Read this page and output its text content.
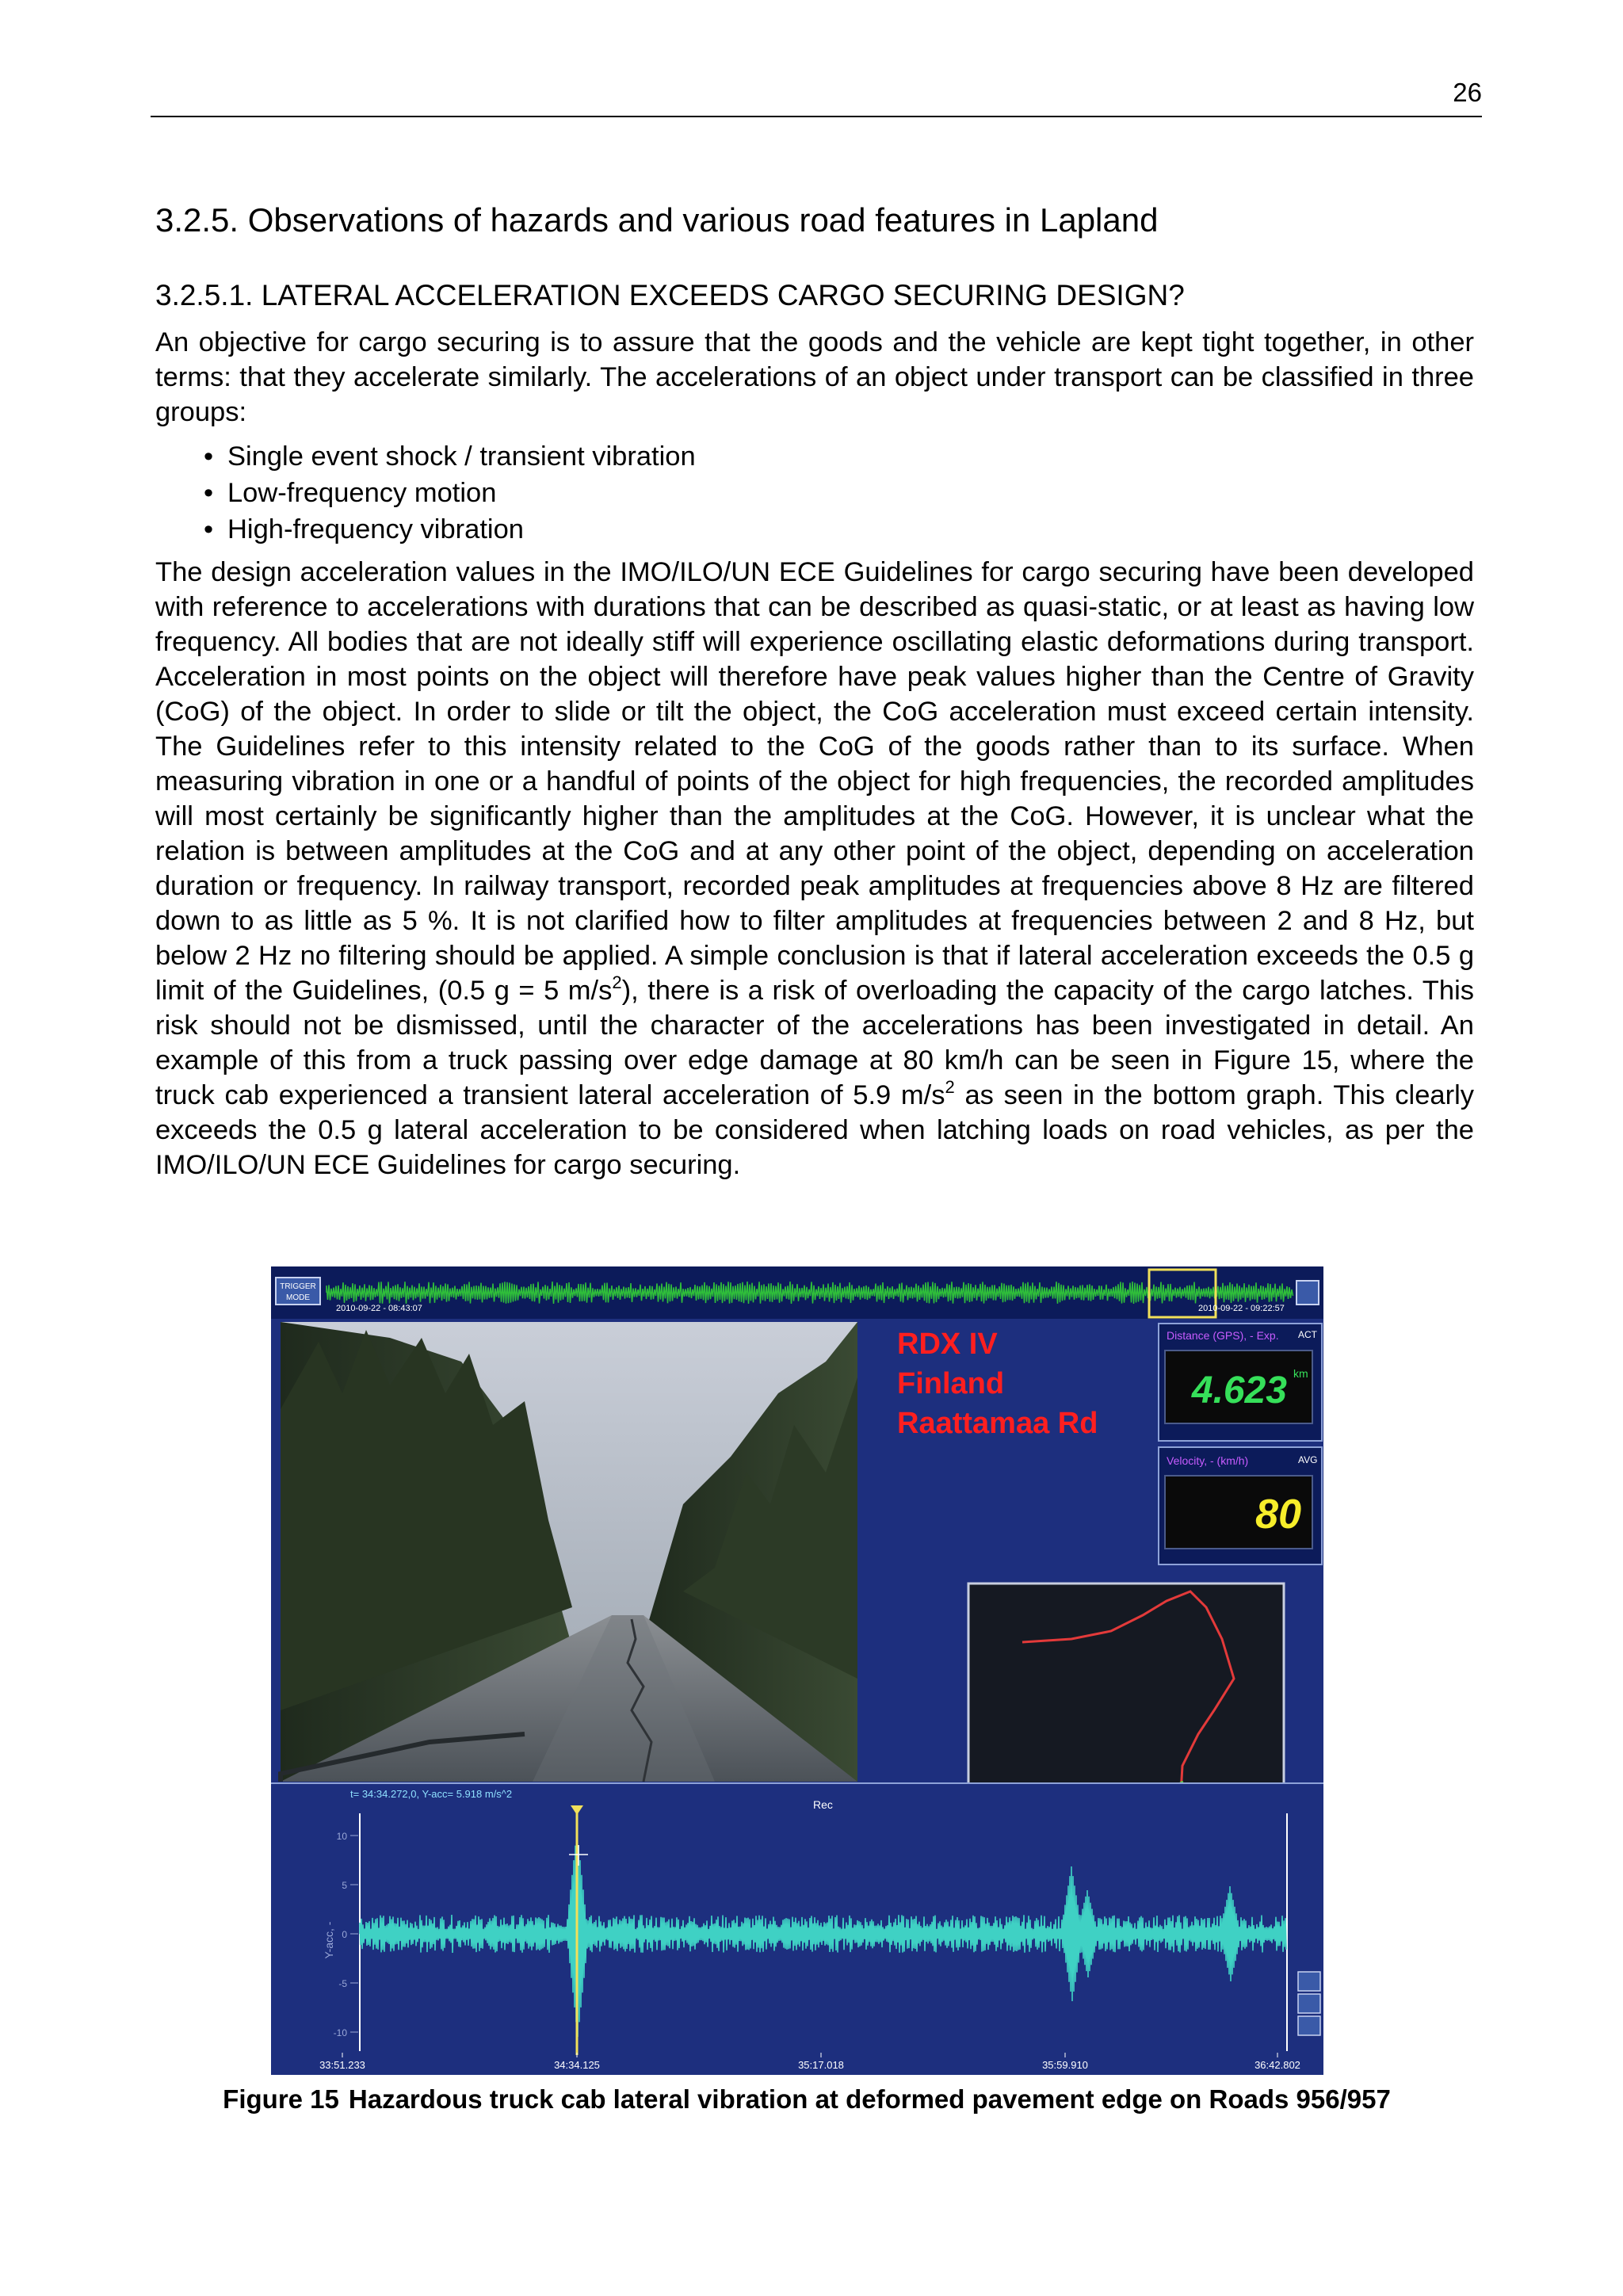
26
3.2.5. Observations of hazards and various road features in Lapland
3.2.5.1. LATERAL ACCELERATION EXCEEDS CARGO SECURING DESIGN?

An objective for cargo securing is to assure that the goods and the vehicle are kept tight together, in other terms: that they accelerate similarly. The accelerations of an object under transport can be classified in three groups:

• Single event shock / transient vibration
• Low-frequency motion
• High-frequency vibration

The design acceleration values in the IMO/ILO/UN ECE Guidelines for cargo securing have been developed with reference to accelerations with durations that can be described as quasi-static, or at least as having low frequency. All bodies that are not ideally stiff will experience oscillating elastic deformations during transport. Acceleration in most points on the object will therefore have peak values higher than the Centre of Gravity (CoG) of the object. In order to slide or tilt the object, the CoG acceleration must exceed certain intensity. The Guidelines refer to this intensity related to the CoG of the goods rather than to its surface. When measuring vibration in one or a handful of points of the object for high frequencies, the recorded amplitudes will most certainly be significantly higher than the amplitudes at the CoG. However, it is unclear what the relation is between amplitudes at the CoG and at any other point of the object, depending on acceleration duration or frequency. In railway transport, recorded peak amplitudes at frequencies above 8 Hz are filtered down to as little as 5 %. It is not clarified how to filter amplitudes at frequencies between 2 and 8 Hz, but below 2 Hz no filtering should be applied. A simple conclusion is that if lateral acceleration exceeds the 0.5 g limit of the Guidelines, (0.5 g = 5 $m/s^2$), there is a risk of overloading the capacity of the cargo latches. This risk should not be dismissed, until the character of the accelerations has been investigated in detail. An example of this from a truck passing over edge damage at 80 km/h can be seen in Figure 15, where the truck cab experienced a transient lateral acceleration of 5.9 $m/s^2$ as seen in the bottom graph. This clearly exceeds the 0.5 g lateral acceleration to be considered when latching loads on road vehicles, as per the IMO/ILO/UN ECE Guidelines for cargo securing.

TRIGGER
MODE
2010-09-22 - 08:43:07	2010-09-22 - 09:22:57
RDX IV
Finland
Raattamaa Rd
Distance (GPS), - Exp. ACT
4.623 km
Velocity, - (km/h)	AVG
80
t= 34:34.272,0, Y-acc= 5.918 m/s^2
Rec
Y-acc, -
10
5
0
-5
-10
33:51.233	34:34.125	35:17.018	35:59.910	36:42.802
Figure 15 Hazardous truck cab lateral vibration at deformed pavement edge on Roads 956/957
